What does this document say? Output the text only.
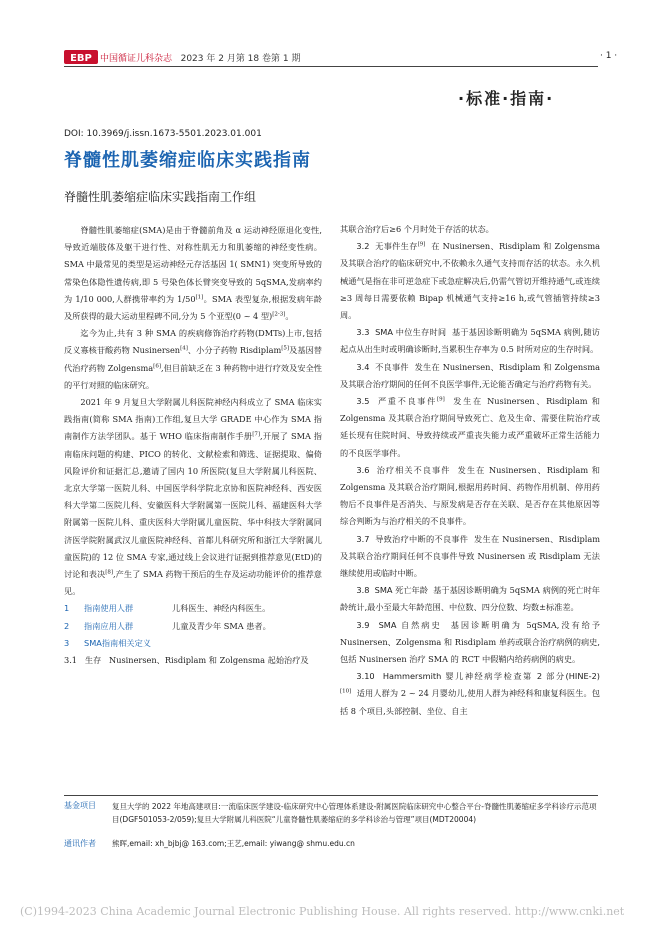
EBP 中国循证儿科杂志 2023 年 2 月第 18 卷第 1 期	· 1 ·
·标准·指南·
DOI: 10.3969/j.issn.1673-5501.2023.01.001
脊髓性肌萎缩症临床实践指南
脊髓性肌萎缩症临床实践指南工作组

脊髓性肌萎缩症(SMA)是由于脊髓前角及 α 运动神经原退化变性,导致近端肢体及躯干进行性、对称性肌无力和肌萎缩的神经变性病。SMA 中最常见的类型是运动神经元存活基因 1( SMN1) 突变所导致的常染色体隐性遗传病,即 5 号染色体长臂突变导致的 5qSMA,发病率约为 1/10 000,人群携带率约为 1/50[1]。SMA 表型复杂,根据发病年龄及所获得的最大运动里程碑不同,分为 5 个亚型(0 ~ 4 型)[2-3]。

迄今为止,共有 3 种 SMA 的疾病修饰治疗药物(DMTs)上市,包括反义寡核苷酸药物 Nusinersen[4]、小分子药物 Risdiplam[5]及基因替代治疗药物 Zolgensma[6],但目前缺乏在 3 种药物中进行疗效及安全性的平行对照的临床研究。

2021 年 9 月复旦大学附属儿科医院神经内科成立了 SMA 临床实践指南(简称 SMA 指南)工作组,复旦大学 GRADE 中心作为 SMA 指南制作方法学团队。基于 WHO 临床指南制作手册[7],开展了 SMA 指南临床问题的构建、PICO 的转化、文献检索和筛选、证据提取、偏倚风险评价和证据汇总,邀请了国内 10 所医院(复旦大学附属儿科医院、北京大学第一医院儿科、中国医学科学院北京协和医院神经科、西安医科大学第二医院儿科、安徽医科大学附属第一医院儿科、福建医科大学附属第一医院儿科、重庆医科大学附属儿童医院、华中科技大学附属同济医学院附属武汉儿童医院神经科、首都儿科研究所和浙江大学附属儿童医院)的 12 位 SMA 专家,通过线上会议进行证据到推荐意见(EtD)的讨论和表决[8],产生了 SMA 药物干预后的生存及运动功能评价的推荐意见。

1 指南使用人群	儿科医生、神经内科医生。

2 指南应用人群	儿童及青少年 SMA 患者。

3 SMA指南相关定义

3.1 生存 Nusinersen、Risdiplam 和 Zolgensma 起始治疗及

其联合治疗后≥6 个月时处于存活的状态。

3.2 无事件生存[9] 在 Nusinersen、Risdiplam 和 Zolgensma 及其联合治疗的临床研究中,不依赖永久通气支持而存活的状态。永久机械通气是指在非可逆急症下或急症解决后,仍需气管切开维持通气,或连续≥3 周每日需要依赖 Bipap 机械通气支持≥16 h,或气管插管持续≥3 周。

3.3 SMA 中位生存时间 基于基因诊断明确为 5qSMA 病例,随访起点从出生时或明确诊断时,当累积生存率为 0.5 时所对应的生存时间。

3.4 不良事件 发生在 Nusinersen、Risdiplam 和 Zolgensma 及其联合治疗期间的任何不良医学事件,无论能否确定与治疗药物有关。

3.5 严重不良事件[9] 发生在 Nusinersen、Risdiplam 和 Zolgensma 及其联合治疗期间导致死亡、危及生命、需要住院治疗或延长现有住院时间、导致持续或严重丧失能力或严重破坏正常生活能力的不良医学事件。

3.6 治疗相关不良事件 发生在 Nusinersen、Risdiplam 和 Zolgensma 及其联合治疗期间,根据用药时间、药物作用机制、停用药物后不良事件是否消失、与原发病是否存在关联、是否存在其他原因等综合判断为与治疗相关的不良事件。

3.7 导致治疗中断的不良事件 发生在 Nusinersen、Risdiplam 及其联合治疗期间任何不良事件导致 Nusinersen 或 Risdiplam 无法继续使用或临时中断。

3.8 SMA 死亡年龄 基于基因诊断明确为 5qSMA 病例的死亡时年龄统计,最小至最大年龄范围、中位数、四分位数、均数±标准差。

3.9 SMA 自然病史 基因诊断明确为 5qSMA,没有给予 Nusinersen、Zolgensma 和 Risdiplam 单药或联合治疗病例的病史,包括 Nusinersen 治疗 SMA 的 RCT 中假鞘内给药病例的病史。

3.10 Hammersmith 婴儿神经病学检查第 2 部分(HINE-2)[10] 适用人群为 2 ~ 24 月婴幼儿,使用人群为神经科和康复科医生。包括 8 个项目,头部控制、坐位、自主

基金项目 复旦大学的 2022 年地高建项目:一流临床医学建设-临床研究中心管理体系建设-附属医院临床研究中心整合平台-脊髓性肌萎缩症多学科诊疗示范项目(DGF501053-2/059);复旦大学附属儿科医院“儿童脊髓性肌萎缩症的多学科诊治与管理”项目(MDT20004)
通讯作者 熊晖,email: xh_bjbj@ 163.com;王艺,email: yiwang@ shmu.edu.cn
(C)1994-2023 China Academic Journal Electronic Publishing House. All rights reserved. http://www.cnki.net
